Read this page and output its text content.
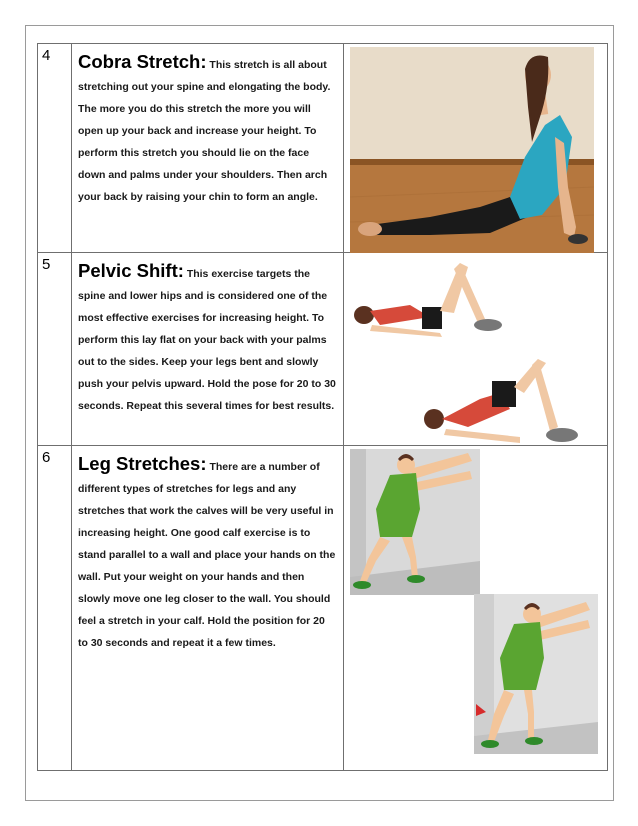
4	Cobra Stretch: This stretch is all about stretching out your spine and elongating the body. The more you do this stretch the more you will open up your back and increase your height. To perform this stretch you should lie on the face down and palms under your shoulders. Then arch your back by raising your chin to form an angle.

5	Pelvic Shift: This exercise targets the spine and lower hips and is considered one of the most effective exercises for increasing height. To perform this lay flat on your back with your palms out to the sides. Keep your legs bent and slowly push your pelvis upward. Hold the pose for 20 to 30 seconds. Repeat this several times for best results.

6	Leg Stretches: There are a number of different types of stretches for legs and any stretches that work the calves will be very useful in increasing height. One good calf exercise is to stand parallel to a wall and place your hands on the wall. Put your weight on your hands and then slowly move one leg closer to the wall. You should feel a stretch in your calf. Hold the position for 20 to 30 seconds and repeat it a few times.
